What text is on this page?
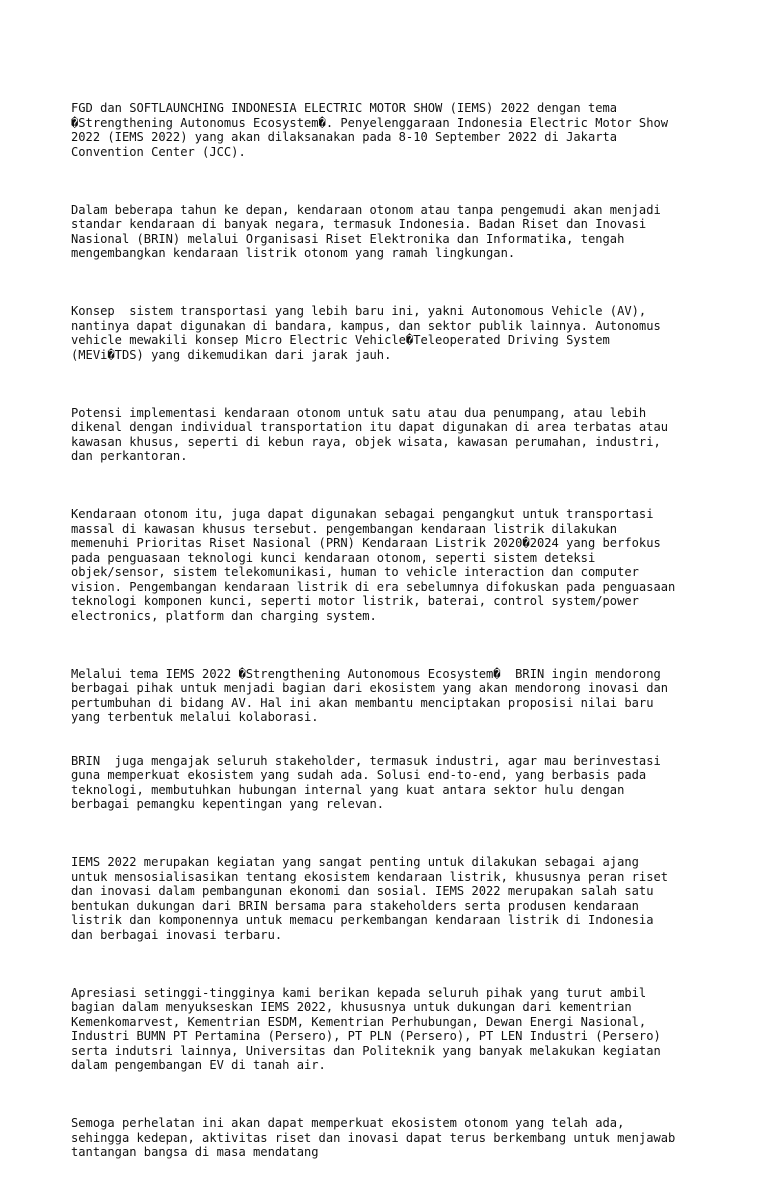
FGD dan SOFTLAUNCHING INDONESIA ELECTRIC MOTOR SHOW (IEMS) 2022 dengan tema
�Strengthening Autonomus Ecosystem�. Penyelenggaraan Indonesia Electric Motor Show
2022 (IEMS 2022) yang akan dilaksanakan pada 8-10 September 2022 di Jakarta
Convention Center (JCC).

Dalam beberapa tahun ke depan, kendaraan otonom atau tanpa pengemudi akan menjadi
standar kendaraan di banyak negara, termasuk Indonesia. Badan Riset dan Inovasi
Nasional (BRIN) melalui Organisasi Riset Elektronika dan Informatika, tengah
mengembangkan kendaraan listrik otonom yang ramah lingkungan.

Konsep  sistem transportasi yang lebih baru ini, yakni Autonomous Vehicle (AV),
nantinya dapat digunakan di bandara, kampus, dan sektor publik lainnya. Autonomus
vehicle mewakili konsep Micro Electric Vehicle�Teleoperated Driving System
(MEVi�TDS) yang dikemudikan dari jarak jauh.

Potensi implementasi kendaraan otonom untuk satu atau dua penumpang, atau lebih
dikenal dengan individual transportation itu dapat digunakan di area terbatas atau
kawasan khusus, seperti di kebun raya, objek wisata, kawasan perumahan, industri,
dan perkantoran.

Kendaraan otonom itu, juga dapat digunakan sebagai pengangkut untuk transportasi
massal di kawasan khusus tersebut. pengembangan kendaraan listrik dilakukan
memenuhi Prioritas Riset Nasional (PRN) Kendaraan Listrik 2020�2024 yang berfokus
pada penguasaan teknologi kunci kendaraan otonom, seperti sistem deteksi
objek/sensor, sistem telekomunikasi, human to vehicle interaction dan computer
vision. Pengembangan kendaraan listrik di era sebelumnya difokuskan pada penguasaan
teknologi komponen kunci, seperti motor listrik, baterai, control system/power
electronics, platform dan charging system.

Melalui tema IEMS 2022 �Strengthening Autonomous Ecosystem�  BRIN ingin mendorong
berbagai pihak untuk menjadi bagian dari ekosistem yang akan mendorong inovasi dan
pertumbuhan di bidang AV. Hal ini akan membantu menciptakan proposisi nilai baru
yang terbentuk melalui kolaborasi.

BRIN  juga mengajak seluruh stakeholder, termasuk industri, agar mau berinvestasi
guna memperkuat ekosistem yang sudah ada. Solusi end-to-end, yang berbasis pada
teknologi, membutuhkan hubungan internal yang kuat antara sektor hulu dengan
berbagai pemangku kepentingan yang relevan.

IEMS 2022 merupakan kegiatan yang sangat penting untuk dilakukan sebagai ajang
untuk mensosialisasikan tentang ekosistem kendaraan listrik, khususnya peran riset
dan inovasi dalam pembangunan ekonomi dan sosial. IEMS 2022 merupakan salah satu
bentukan dukungan dari BRIN bersama para stakeholders serta produsen kendaraan
listrik dan komponennya untuk memacu perkembangan kendaraan listrik di Indonesia
dan berbagai inovasi terbaru.

Apresiasi setinggi-tingginya kami berikan kepada seluruh pihak yang turut ambil
bagian dalam menyukseskan IEMS 2022, khususnya untuk dukungan dari kementrian
Kemenkomarvest, Kementrian ESDM, Kementrian Perhubungan, Dewan Energi Nasional,
Industri BUMN PT Pertamina (Persero), PT PLN (Persero), PT LEN Industri (Persero)
serta indutsri lainnya, Universitas dan Politeknik yang banyak melakukan kegiatan
dalam pengembangan EV di tanah air.

Semoga perhelatan ini akan dapat memperkuat ekosistem otonom yang telah ada,
sehingga kedepan, aktivitas riset dan inovasi dapat terus berkembang untuk menjawab
tantangan bangsa di masa mendatang
